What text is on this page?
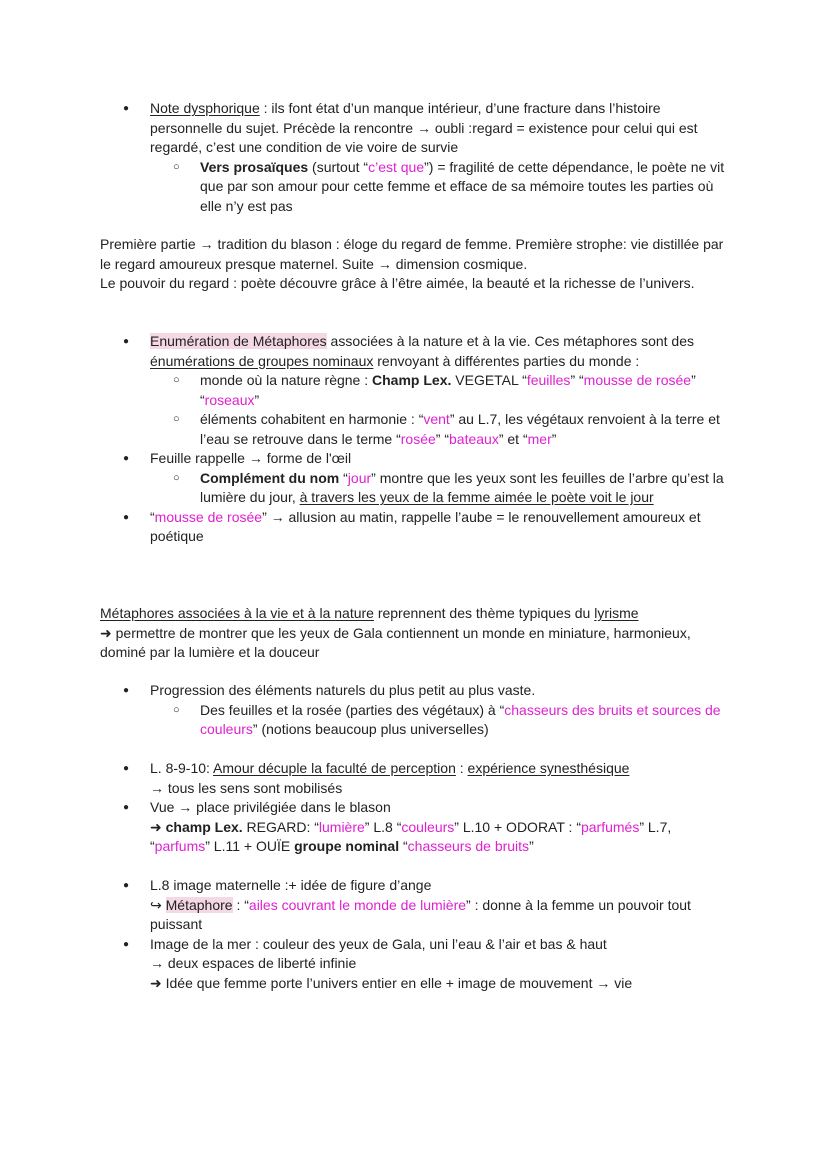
● Note dysphorique : ils font état d’un manque intérieur, d’une fracture dans l’histoire personnelle du sujet. Précède la rencontre → oubli :regard = existence pour celui qui est regardé, c’est une condition de vie voire de survie

○ Vers prosaïques (surtout “c’est que”) = fragilité de cette dépendance, le poète ne vit que par son amour pour cette femme et efface de sa mémoire toutes les parties où elle n’y est pas

Première partie → tradition du blason : éloge du regard de femme. Première strophe: vie distillée par le regard amoureux presque maternel. Suite → dimension cosmique.

Le pouvoir du regard : poète découvre grâce à l’être aimée, la beauté et la richesse de l’univers.

● Enumération de Métaphores associées à la nature et à la vie. Ces métaphores sont des énumérations de groupes nominaux renvoyant à différentes parties du monde :

○ monde où la nature règne : Champ Lex. VEGETAL “feuilles” “mousse de rosée” “roseaux”

○ éléments cohabitent en harmonie : “vent” au L.7, les végétaux renvoient à la terre et l’eau se retrouve dans le terme “rosée” “bateaux” et “mer”

● Feuille rappelle → forme de l'œil

○ Complément du nom “jour” montre que les yeux sont les feuilles de l’arbre qu’est la lumière du jour, à travers les yeux de la femme aimée le poète voit le jour

● “mousse de rosée” → allusion au matin, rappelle l’aube = le renouvellement amoureux et poétique

Métaphores associées à la vie et à la nature reprennent des thème typiques du lyrisme

➜ permettre de montrer que les yeux de Gala contiennent un monde en miniature, harmonieux, dominé par la lumière et la douceur

● Progression des éléments naturels du plus petit au plus vaste.

○ Des feuilles et la rosée (parties des végétaux) à “chasseurs des bruits et sources de couleurs” (notions beaucoup plus universelles)

● L. 8-9-10: Amour décuple la faculté de perception : expérience synesthésique
→ tous les sens sont mobilisés

● Vue → place privilégiée dans le blason
➜ champ Lex. REGARD: “lumière” L.8 “couleurs” L.10 + ODORAT : “parfumés” L.7, “parfums” L.11 + OUÏE groupe nominal “chasseurs de bruits”

● L.8 image maternelle :+ idée de figure d’ange
↪ Métaphore : “ailes couvrant le monde de lumière” : donne à la femme un pouvoir tout puissant

● Image de la mer : couleur des yeux de Gala, uni l’eau & l’air et bas & haut
→ deux espaces de liberté infinie
➜ Idée que femme porte l’univers entier en elle + image de mouvement → vie
